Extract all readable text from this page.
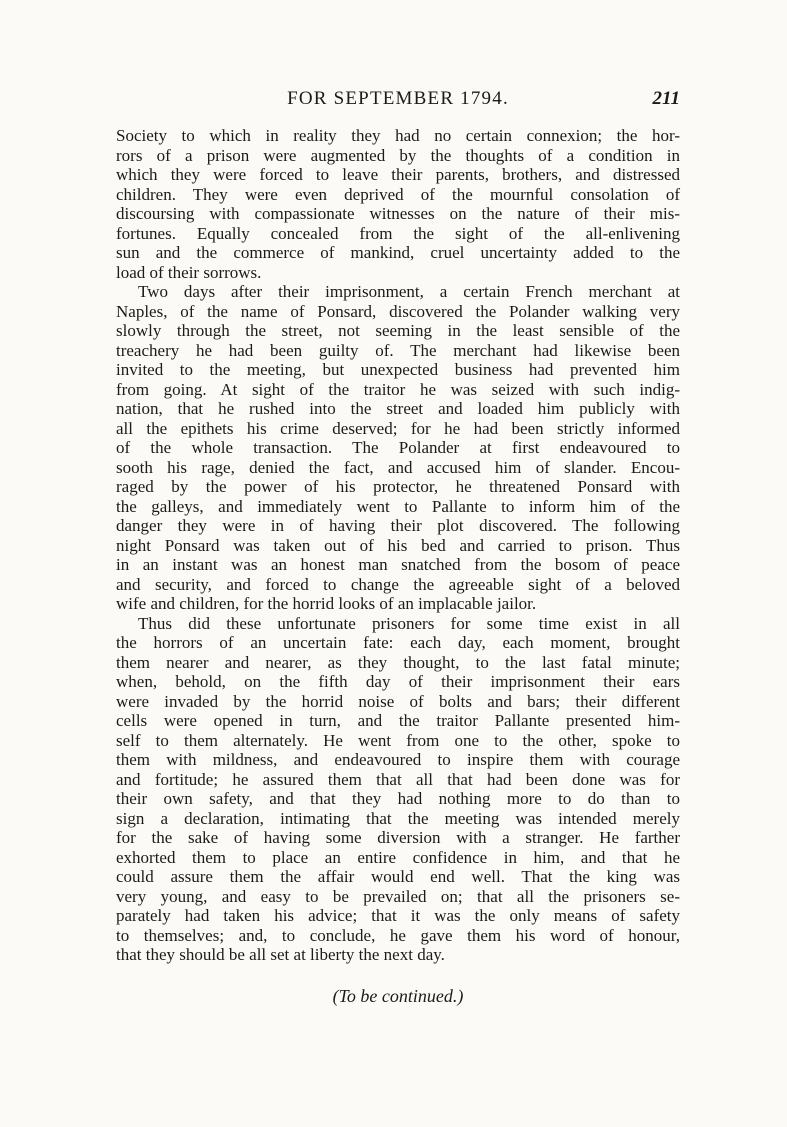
FOR SEPTEMBER 1794.	211
Society to which in reality they had no certain connexion; the hor-
rors of a prison were augmented by the thoughts of a condition in
which they were forced to leave their parents, brothers, and distressed
children. They were even deprived of the mournful consolation of
discoursing with compassionate witnesses on the nature of their mis-
fortunes. Equally concealed from the sight of the all-enlivening
sun and the commerce of mankind, cruel uncertainty added to the
load of their sorrows.
Two days after their imprisonment, a certain French merchant at
Naples, of the name of Ponsard, discovered the Polander walking very
slowly through the street, not seeming in the least sensible of the
treachery he had been guilty of. The merchant had likewise been
invited to the meeting, but unexpected business had prevented him
from going. At sight of the traitor he was seized with such indig-
nation, that he rushed into the street and loaded him publicly with
all the epithets his crime deserved; for he had been strictly informed
of the whole transaction. The Polander at first endeavoured to
sooth his rage, denied the fact, and accused him of slander. Encou-
raged by the power of his protector, he threatened Ponsard with
the galleys, and immediately went to Pallante to inform him of the
danger they were in of having their plot discovered. The following
night Ponsard was taken out of his bed and carried to prison. Thus
in an instant was an honest man snatched from the bosom of peace
and security, and forced to change the agreeable sight of a beloved
wife and children, for the horrid looks of an implacable jailor.
Thus did these unfortunate prisoners for some time exist in all
the horrors of an uncertain fate: each day, each moment, brought
them nearer and nearer, as they thought, to the last fatal minute;
when, behold, on the fifth day of their imprisonment their ears
were invaded by the horrid noise of bolts and bars; their different
cells were opened in turn, and the traitor Pallante presented him-
self to them alternately. He went from one to the other, spoke to
them with mildness, and endeavoured to inspire them with courage
and fortitude; he assured them that all that had been done was for
their own safety, and that they had nothing more to do than to
sign a declaration, intimating that the meeting was intended merely
for the sake of having some diversion with a stranger. He farther
exhorted them to place an entire confidence in him, and that he
could assure them the affair would end well. That the king was
very young, and easy to be prevailed on; that all the prisoners se-
parately had taken his advice; that it was the only means of safety
to themselves; and, to conclude, he gave them his word of honour,
that they should be all set at liberty the next day.
(To be continued.)
